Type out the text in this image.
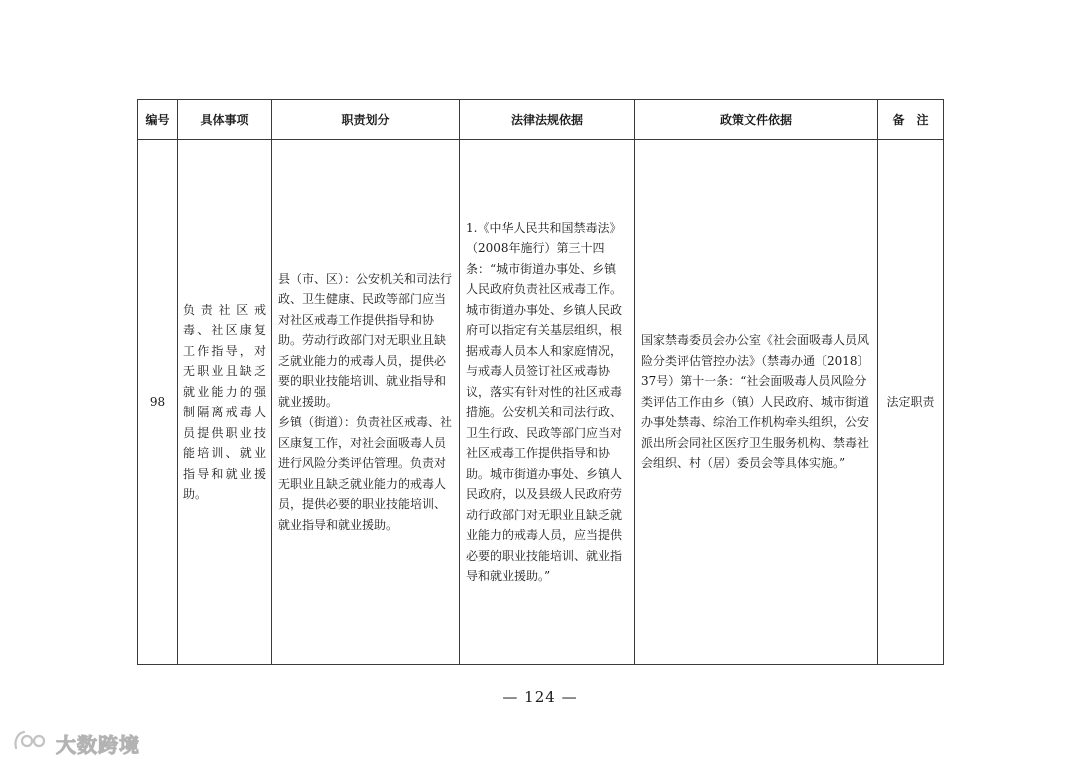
编号	具体事项	职责划分	法律法规依据	政策文件依据	备　注

98	负责社区戒毒、社区康复工作指导，对无职业且缺乏就业能力的强制隔离戒毒人员提供职业技能培训、就业指导和就业援助。	县（市、区）：公安机关和司法行政、卫生健康、民政等部门应当对社区戒毒工作提供指导和协助。劳动行政部门对无职业且缺乏就业能力的戒毒人员，提供必要的职业技能培训、就业指导和就业援助。
乡镇（街道）：负责社区戒毒、社区康复工作，对社会面吸毒人员进行风险分类评估管理。负责对无职业且缺乏就业能力的戒毒人员，提供必要的职业技能培训、就业指导和就业援助。	1.《中华人民共和国禁毒法》（2008年施行）第三十四条：“城市街道办事处、乡镇人民政府负责社区戒毒工作。城市街道办事处、乡镇人民政府可以指定有关基层组织，根据戒毒人员本人和家庭情况，与戒毒人员签订社区戒毒协议，落实有针对性的社区戒毒措施。公安机关和司法行政、卫生行政、民政等部门应当对社区戒毒工作提供指导和协助。城市街道办事处、乡镇人民政府，以及县级人民政府劳动行政部门对无职业且缺乏就业能力的戒毒人员，应当提供必要的职业技能培训、就业指导和就业援助。”	国家禁毒委员会办公室《社会面吸毒人员风险分类评估管控办法》（禁毒办通〔2018〕37号）第十一条：“社会面吸毒人员风险分类评估工作由乡（镇）人民政府、城市街道办事处禁毒、综治工作机构牵头组织，公安派出所会同社区医疗卫生服务机构、禁毒社会组织、村（居）委员会等具体实施。”	法定职责
— 124 —
大数跨境
